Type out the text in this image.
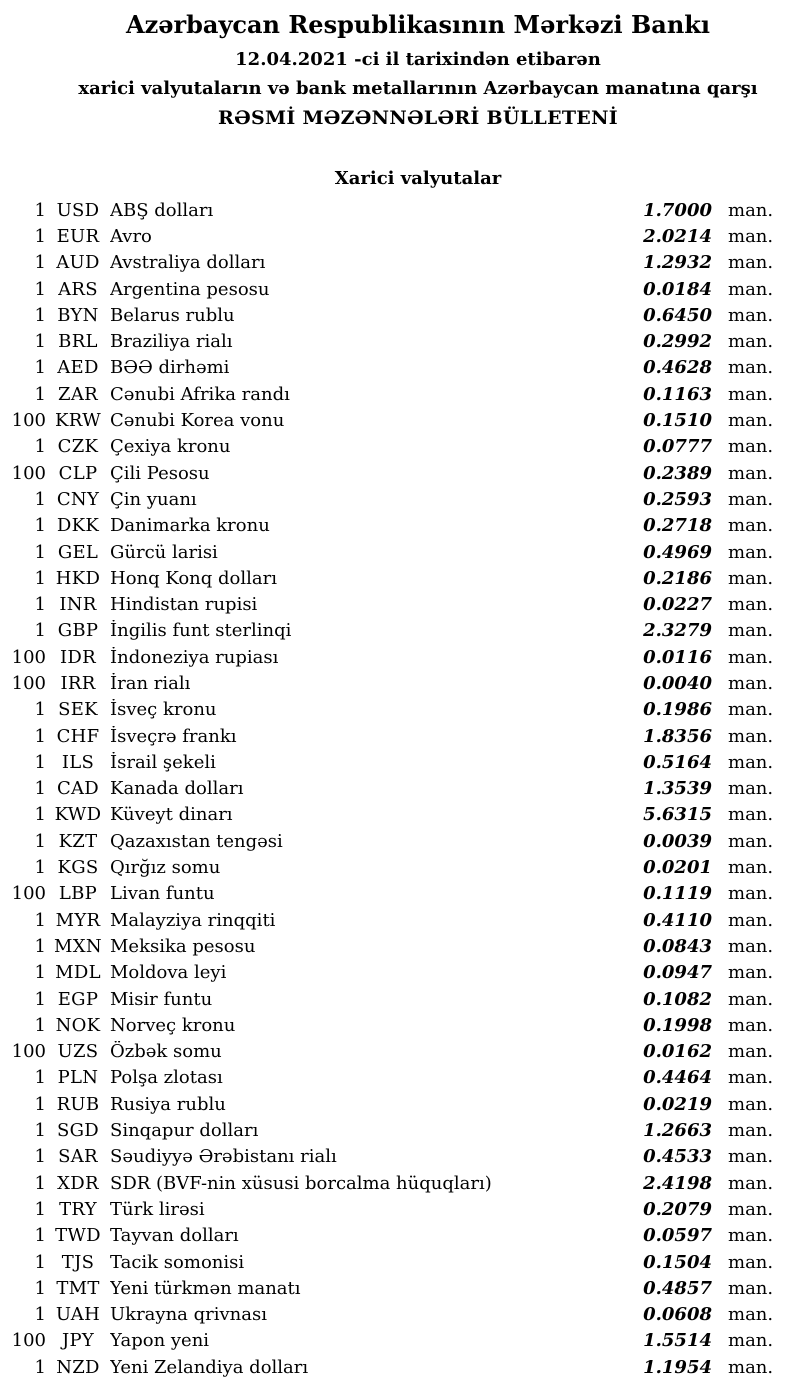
Azərbaycan Respublikasının Mərkəzi Bankı
12.04.2021 -ci il tarixindən etibarən
xarici valyutaların və bank metallarının Azərbaycan manatına qarşı
RƏSMİ MƏZƏNNƏLƏRİ BÜLLETENİ
Xarici valyutalar
1 USD ABŞ dolları	1.7000 man.
1 EUR Avro	2.0214 man.
1 AUD Avstraliya dolları	1.2932 man.
1 ARS Argentina pesosu	0.0184 man.
1 BYN Belarus rublu	0.6450 man.
1 BRL Braziliya rialı	0.2992 man.
1 AED BƏƏ dirhəmi	0.4628 man.
1 ZAR Cənubi Afrika randı	0.1163 man.
100 KRW Cənubi Korea vonu	0.1510 man.
1 CZK Çexiya kronu	0.0777 man.
100 CLP Çili Pesosu	0.2389 man.
1 CNY Çin yuanı	0.2593 man.
1 DKK Danimarka kronu	0.2718 man.
1 GEL Gürcü larisi	0.4969 man.
1 HKD Honq Konq dolları	0.2186 man.
1 INR Hindistan rupisi	0.0227 man.
1 GBP İngilis funt sterlinqi	2.3279 man.
100 IDR İndoneziya rupiası	0.0116 man.
100 IRR İran rialı	0.0040 man.
1 SEK İsveç kronu	0.1986 man.
1 CHF İsveçrə frankı	1.8356 man.
1 ILS İsrail şekeli	0.5164 man.
1 CAD Kanada dolları	1.3539 man.
1 KWD Küveyt dinarı	5.6315 man.
1 KZT Qazaxıstan tengəsi	0.0039 man.
1 KGS Qırğız somu	0.0201 man.
100 LBP Livan funtu	0.1119 man.
1 MYR Malayziya rinqqiti	0.4110 man.
1 MXN Meksika pesosu	0.0843 man.
1 MDL Moldova leyi	0.0947 man.
1 EGP Misir funtu	0.1082 man.
1 NOK Norveç kronu	0.1998 man.
100 UZS Özbək somu	0.0162 man.
1 PLN Polşa zlotası	0.4464 man.
1 RUB Rusiya rublu	0.0219 man.
1 SGD Sinqapur dolları	1.2663 man.
1 SAR Səudiyyə Ərəbistanı rialı	0.4533 man.
1 XDR SDR (BVF-nin xüsusi borcalma hüquqları)	2.4198 man.
1 TRY Türk lirəsi	0.2079 man.
1 TWD Tayvan dolları	0.0597 man.
1 TJS Tacik somonisi	0.1504 man.
1 TMT Yeni türkmən manatı	0.4857 man.
1 UAH Ukrayna qrivnası	0.0608 man.
100 JPY Yapon yeni	1.5514 man.
1 NZD Yeni Zelandiya dolları	1.1954 man.
